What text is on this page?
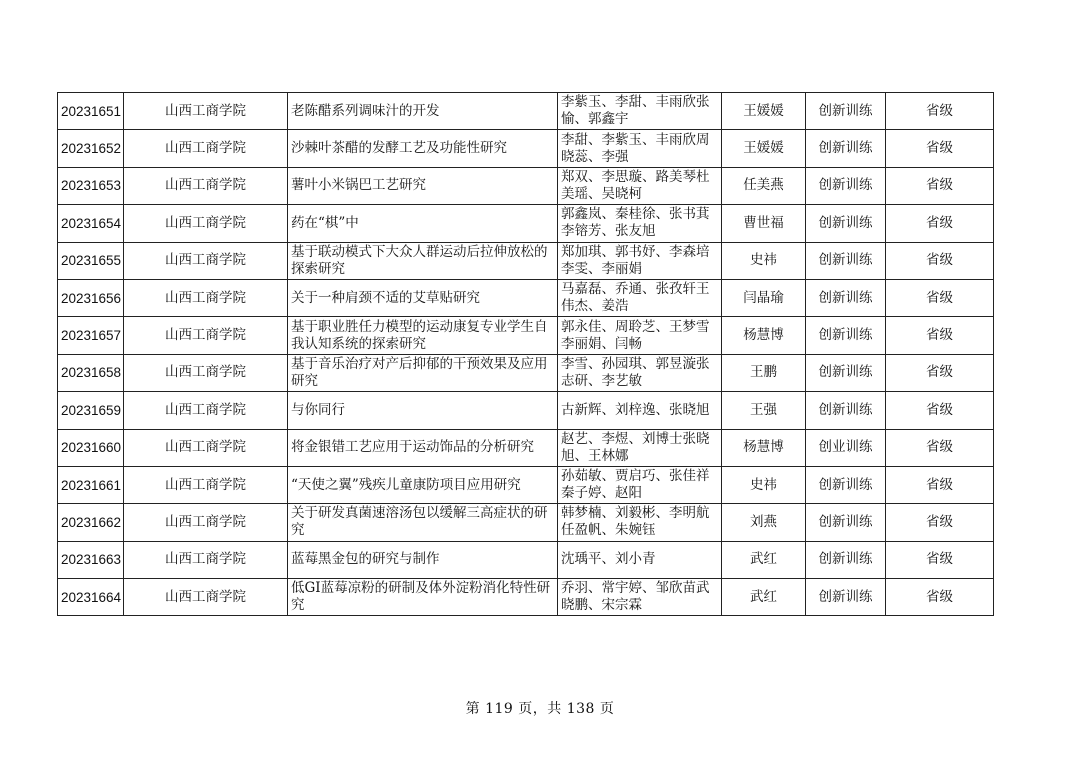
20231651	山西工商学院	老陈醋系列调味汁的开发	李紫玉、李甜、丰雨欣张愉、郭鑫宇	王媛媛	创新训练	省级
20231652	山西工商学院	沙棘叶茶醋的发酵工艺及功能性研究	李甜、李紫玉、丰雨欣周晓蕊、李强	王媛媛	创新训练	省级
20231653	山西工商学院	薯叶小米锅巴工艺研究	郑双、李思璇、路美琴杜美瑶、吴晓柯	任美燕	创新训练	省级
20231654	山西工商学院	药在“棋”中	郭鑫岚、秦桂徐、张书萁李镕芳、张友旭	曹世福	创新训练	省级
20231655	山西工商学院	基于联动模式下大众人群运动后拉伸放松的探索研究	郑加琪、郭书妤、李森培李雯、李丽娟	史祎	创新训练	省级
20231656	山西工商学院	关于一种肩颈不适的艾草贴研究	马嘉磊、乔通、张孜轩王伟杰、姜浩	闫晶瑜	创新训练	省级
20231657	山西工商学院	基于职业胜任力模型的运动康复专业学生自我认知系统的探索研究	郭永佳、周聆芝、王梦雪李丽娟、闫畅	杨慧博	创新训练	省级
20231658	山西工商学院	基于音乐治疗对产后抑郁的干预效果及应用研究	李雪、孙园琪、郭昱漩张志研、李艺敏	王鹏	创新训练	省级
20231659	山西工商学院	与你同行	古新辉、刘梓逸、张晓旭	王强	创新训练	省级
20231660	山西工商学院	将金银错工艺应用于运动饰品的分析研究	赵艺、李煜、刘博士张晓旭、王林娜	杨慧博	创业训练	省级
20231661	山西工商学院	“天使之翼”残疾儿童康防项目应用研究	孙茹敏、贾启巧、张佳祥秦子婷、赵阳	史祎	创新训练	省级
20231662	山西工商学院	关于研发真菌速溶汤包以缓解三高症状的研究	韩梦楠、刘毅彬、李明航任盈帆、朱婉钰	刘燕	创新训练	省级
20231663	山西工商学院	蓝莓黑金包的研究与制作	沈瑀平、刘小青	武红	创新训练	省级
20231664	山西工商学院	低GI蓝莓凉粉的研制及体外淀粉消化特性研究	乔羽、常宇婷、邹欣苗武晓鹏、宋宗霖	武红	创新训练	省级
第 119 页，共 138 页
